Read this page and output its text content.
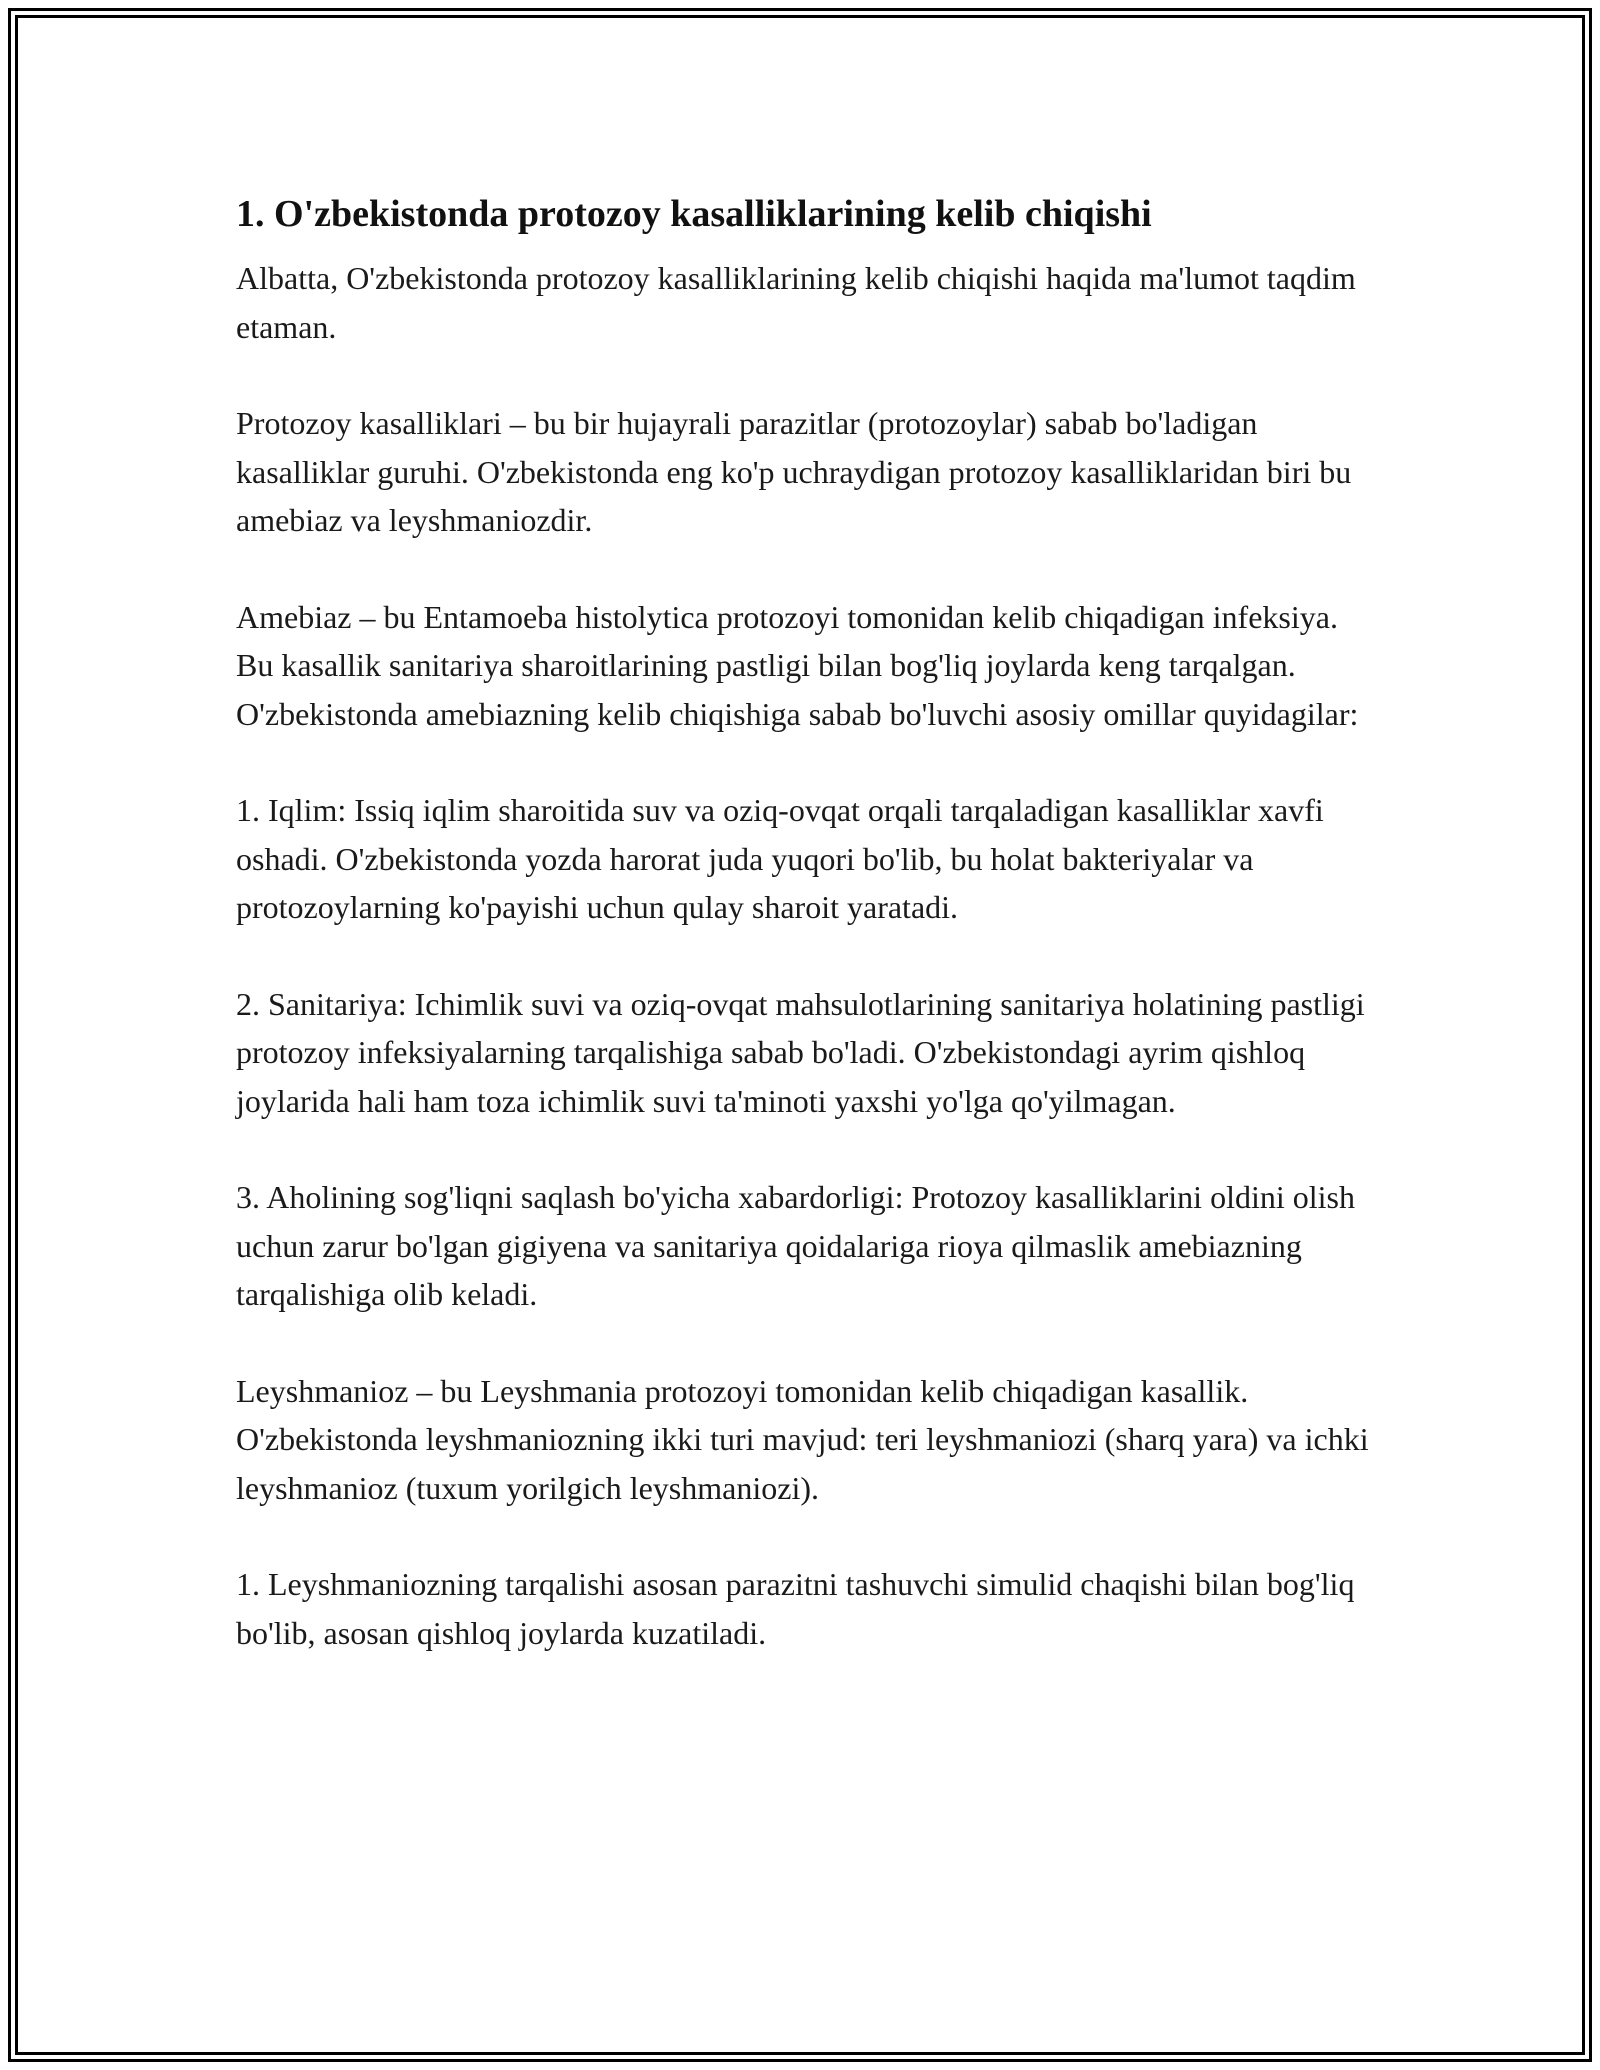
1. O'zbekistonda protozoy kasalliklarining kelib chiqishi

Albatta, O'zbekistonda protozoy kasalliklarining kelib chiqishi haqida ma'lumot taqdim etaman.

Protozoy kasalliklari – bu bir hujayrali parazitlar (protozoylar) sabab bo'ladigan kasalliklar guruhi. O'zbekistonda eng ko'p uchraydigan protozoy kasalliklaridan biri bu amebiaz va leyshmaniozdir.

Amebiaz – bu Entamoeba histolytica protozoyi tomonidan kelib chiqadigan infeksiya. Bu kasallik sanitariya sharoitlarining pastligi bilan bog'liq joylarda keng tarqalgan. O'zbekistonda amebiazning kelib chiqishiga sabab bo'luvchi asosiy omillar quyidagilar:

1. Iqlim: Issiq iqlim sharoitida suv va oziq-ovqat orqali tarqaladigan kasalliklar xavfi oshadi. O'zbekistonda yozda harorat juda yuqori bo'lib, bu holat bakteriyalar va protozoylarning ko'payishi uchun qulay sharoit yaratadi.

2. Sanitariya: Ichimlik suvi va oziq-ovqat mahsulotlarining sanitariya holatining pastligi protozoy infeksiyalarning tarqalishiga sabab bo'ladi. O'zbekistondagi ayrim qishloq joylarida hali ham toza ichimlik suvi ta'minoti yaxshi yo'lga qo'yilmagan.

3. Aholining sog'liqni saqlash bo'yicha xabardorligi: Protozoy kasalliklarini oldini olish uchun zarur bo'lgan gigiyena va sanitariya qoidalariga rioya qilmaslik amebiazning tarqalishiga olib keladi.

Leyshmanioz – bu Leyshmania protozoyi tomonidan kelib chiqadigan kasallik. O'zbekistonda leyshmaniozning ikki turi mavjud: teri leyshmaniozi (sharq yara) va ichki leyshmanioz (tuxum yorilgich leyshmaniozi).

1. Leyshmaniozning tarqalishi asosan parazitni tashuvchi simulid chaqishi bilan bog'liq bo'lib, asosan qishloq joylarda kuzatiladi.
